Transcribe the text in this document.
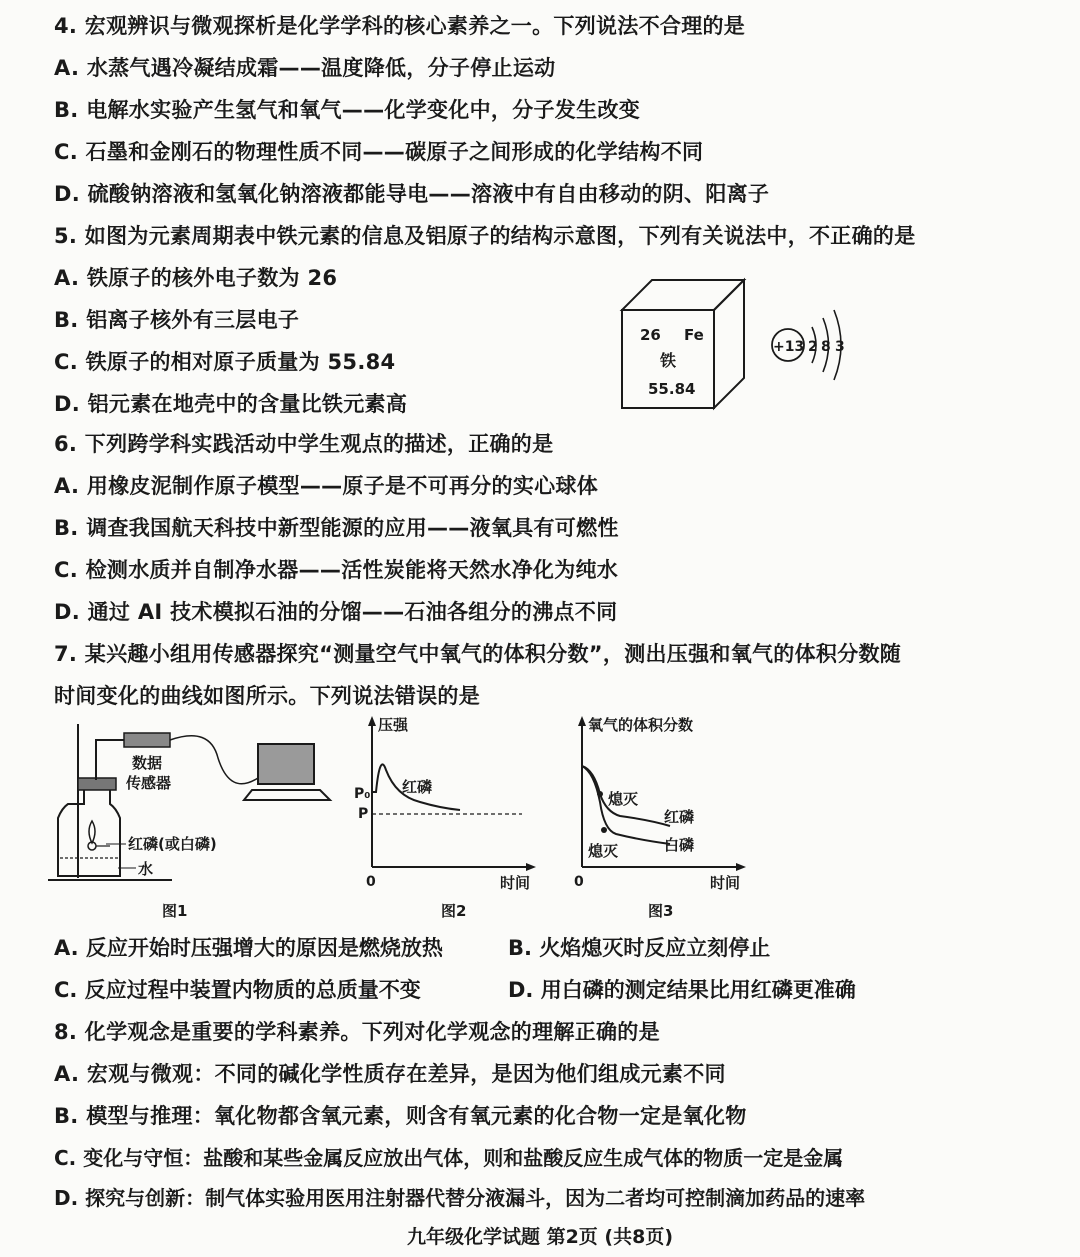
4. 宏观辨识与微观探析是化学学科的核心素养之一。下列说法不合理的是
A. 水蒸气遇冷凝结成霜——温度降低，分子停止运动
B. 电解水实验产生氢气和氧气——化学变化中，分子发生改变
C. 石墨和金刚石的物理性质不同——碳原子之间形成的化学结构不同
D. 硫酸钠溶液和氢氧化钠溶液都能导电——溶液中有自由移动的阴、阳离子
5. 如图为元素周期表中铁元素的信息及铝原子的结构示意图，下列有关说法中，不正确的是
A. 铁原子的核外电子数为 26
B. 铝离子核外有三层电子
C. 铁原子的相对原子质量为 55.84
D. 铝元素在地壳中的含量比铁元素高
26 Fe
铁
55.84
+13 2 8 3
6. 下列跨学科实践活动中学生观点的描述，正确的是
A. 用橡皮泥制作原子模型——原子是不可再分的实心球体
B. 调查我国航天科技中新型能源的应用——液氧具有可燃性
C. 检测水质并自制净水器——活性炭能将天然水净化为纯水
D. 通过 AI 技术模拟石油的分馏——石油各组分的沸点不同
7. 某兴趣小组用传感器探究“测量空气中氧气的体积分数”，测出压强和氧气的体积分数随
时间变化的曲线如图所示。下列说法错误的是
数据
传感器
红磷(或白磷)
水
压强
时间
0
P₀
P
红磷
氧气的体积分数
时间
0
熄灭
熄灭
红磷
白磷
图1	图2	图3
A. 反应开始时压强增大的原因是燃烧放热	B. 火焰熄灭时反应立刻停止
C. 反应过程中装置内物质的总质量不变	D. 用白磷的测定结果比用红磷更准确
8. 化学观念是重要的学科素养。下列对化学观念的理解正确的是
A. 宏观与微观：不同的碱化学性质存在差异，是因为他们组成元素不同
B. 模型与推理：氧化物都含氧元素，则含有氧元素的化合物一定是氧化物
C. 变化与守恒：盐酸和某些金属反应放出气体，则和盐酸反应生成气体的物质一定是金属
D. 探究与创新：制气体实验用医用注射器代替分液漏斗，因为二者均可控制滴加药品的速率
九年级化学试题 第2页 (共8页)
